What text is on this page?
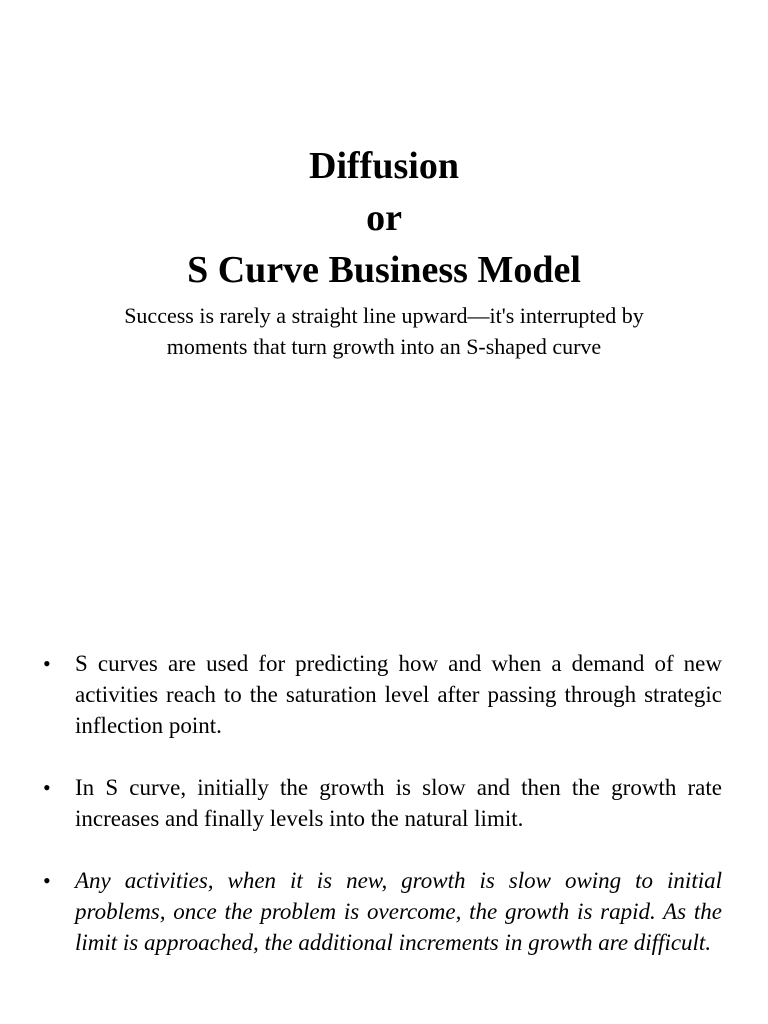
Diffusion
or
S Curve Business Model
Success is rarely a straight line upward—it's interrupted by moments that turn growth into an S-shaped curve
• S curves are used for predicting how and when a demand of new activities reach to the saturation level after passing through strategic inflection point.
• In S curve, initially the growth is slow and then the growth rate increases and finally levels into the natural limit.
• Any activities, when it is new, growth is slow owing to initial problems, once the problem is overcome, the growth is rapid. As the limit is approached, the additional increments in growth are difficult.
